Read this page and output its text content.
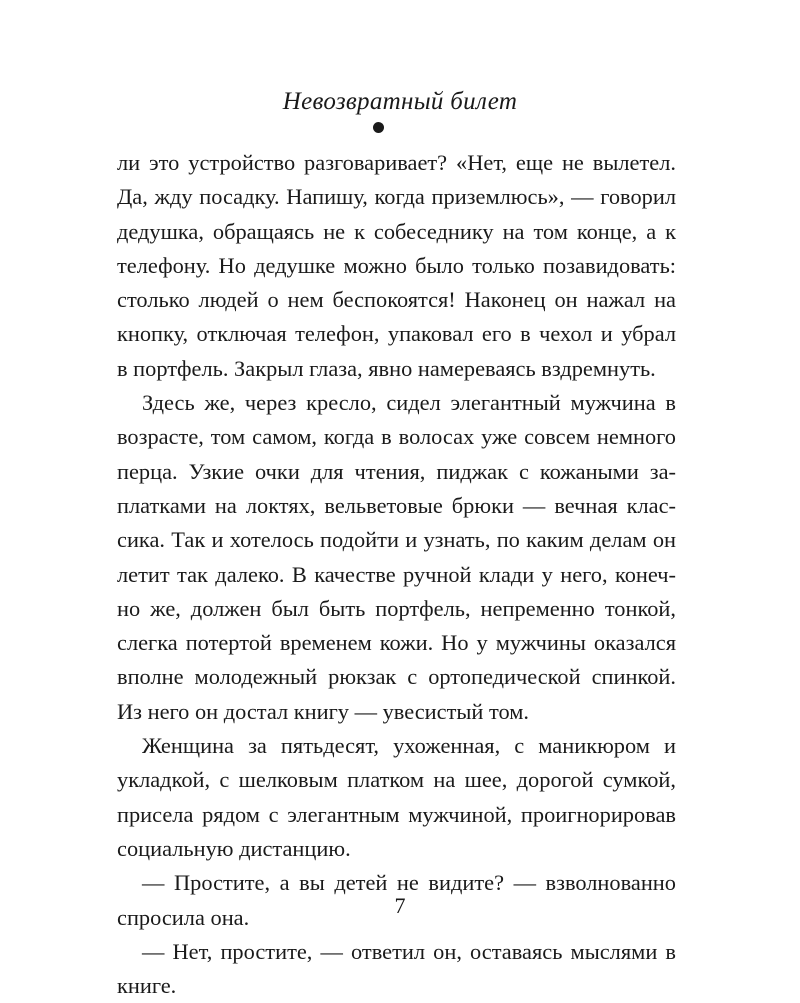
Невозвратный билет
ли это устройство разговаривает? «Нет, еще не вылетел.
Да, жду посадку. Напишу, когда приземлюсь», — говорил
дедушка, обращаясь не к собеседнику на том конце, а к
телефону. Но дедушке можно было только позавидовать:
столько людей о нем беспокоятся! Наконец он нажал на
кнопку, отключая телефон, упаковал его в чехол и убрал
в портфель. Закрыл глаза, явно намереваясь вздремнуть.
Здесь же, через кресло, сидел элегантный мужчина в
возрасте, том самом, когда в волосах уже совсем немного
перца. Узкие очки для чтения, пиджак с кожаными за-
платками на локтях, вельветовые брюки — вечная клас-
сика. Так и хотелось подойти и узнать, по каким делам он
летит так далеко. В качестве ручной клади у него, конеч-
но же, должен был быть портфель, непременно тонкой,
слегка потертой временем кожи. Но у мужчины оказался
вполне молодежный рюкзак с ортопедической спинкой.
Из него он достал книгу — увесистый том.
Женщина за пятьдесят, ухоженная, с маникюром и
укладкой, с шелковым платком на шее, дорогой сумкой,
присела рядом с элегантным мужчиной, проигнорировав
социальную дистанцию.
— Простите, а вы детей не видите? — взволнованно
спросила она.
— Нет, простите, — ответил он, оставаясь мыслями в
книге.
7
